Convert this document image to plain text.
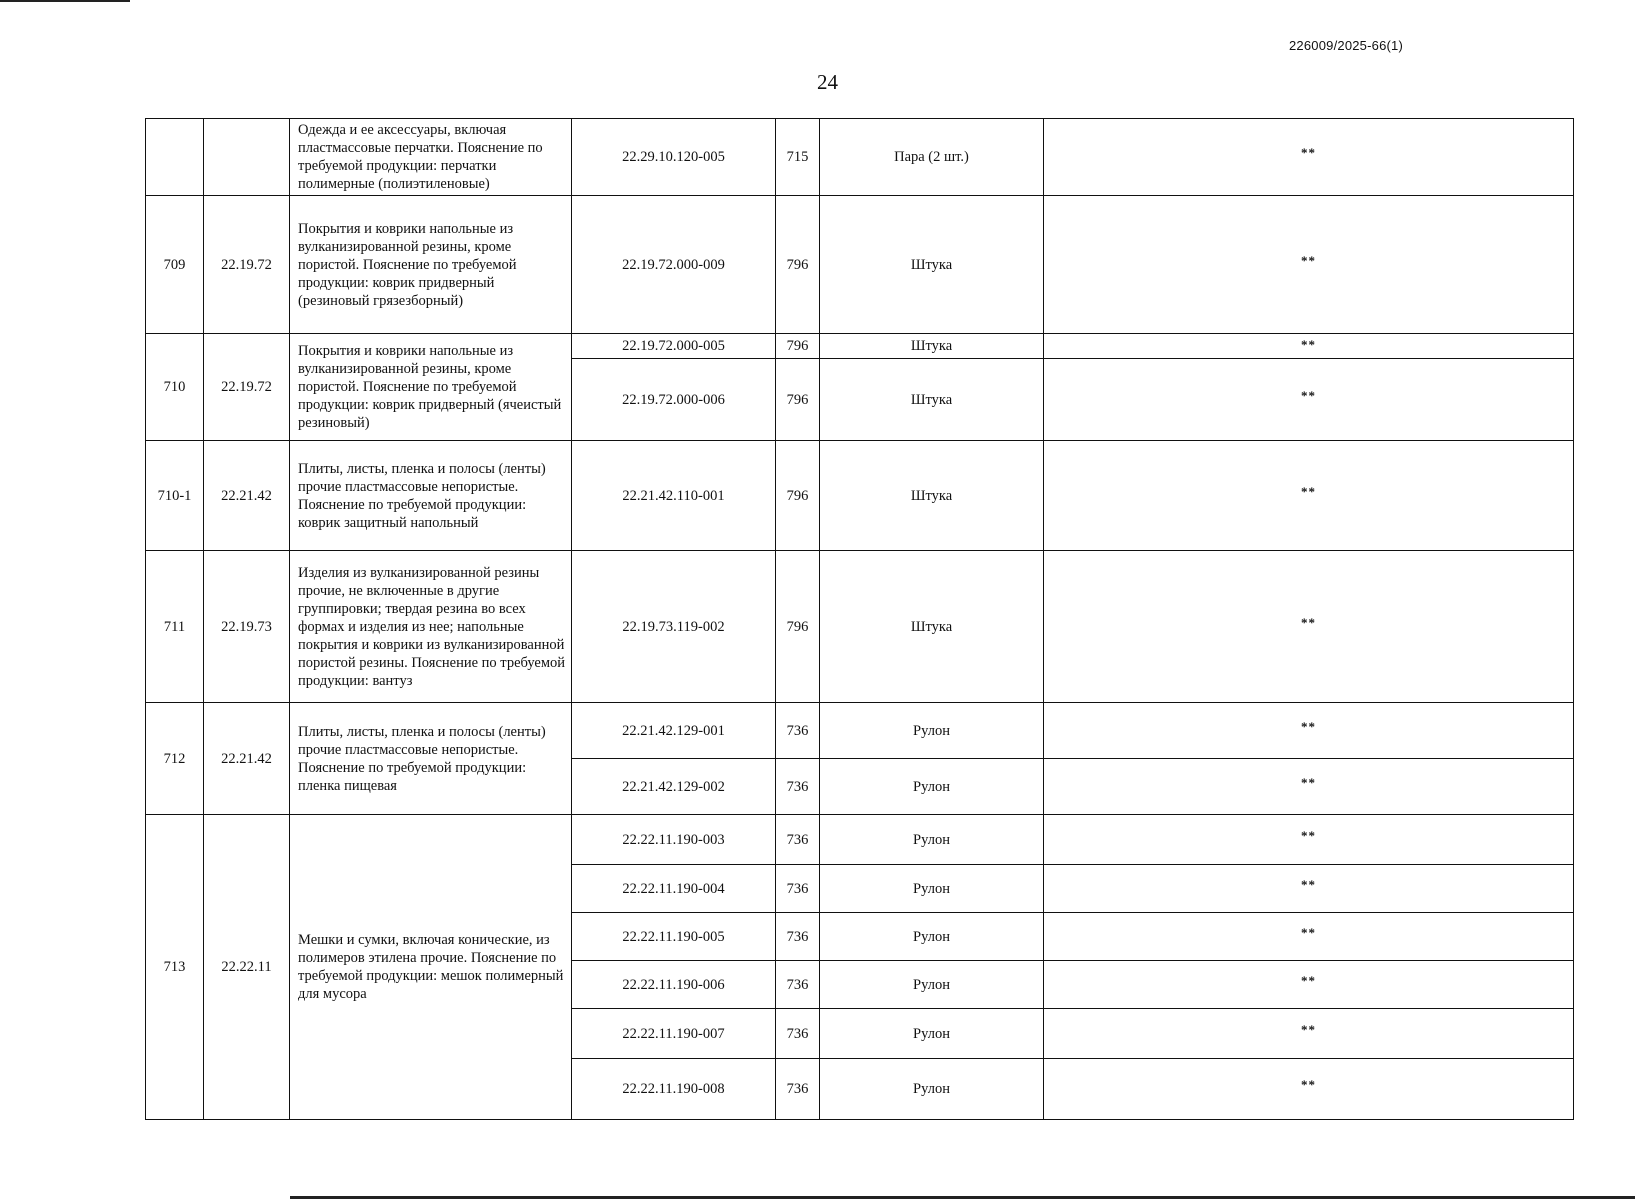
226009/2025-66(1)
24
		Одежда и ее аксессуары, включая пластмассовые перчатки. Пояснение по требуемой продукции: перчатки полимерные (полиэтиленовые)	22.29.10.120-005	715	Пара (2 шт.)	**
709	22.19.72	Покрытия и коврики напольные из вулканизированной резины, кроме пористой. Пояснение по требуемой продукции: коврик придверный (резиновый грязезборный)	22.19.72.000-009	796	Штука	**
710	22.19.72	Покрытия и коврики напольные из вулканизированной резины, кроме пористой. Пояснение по требуемой продукции: коврик придверный (ячеистый резиновый)	22.19.72.000-005	796	Штука	**
			22.19.72.000-006	796	Штука	**
710-1	22.21.42	Плиты, листы, пленка и полосы (ленты) прочие пластмассовые непористые. Пояснение по требуемой продукции: коврик защитный напольный	22.21.42.110-001	796	Штука	**
711	22.19.73	Изделия из вулканизированной резины прочие, не включенные в другие группировки; твердая резина во всех формах и изделия из нее; напольные покрытия и коврики из вулканизированной пористой резины. Пояснение по требуемой продукции: вантуз	22.19.73.119-002	796	Штука	**
712	22.21.42	Плиты, листы, пленка и полосы (ленты) прочие пластмассовые непористые. Пояснение по требуемой продукции: пленка пищевая	22.21.42.129-001	736	Рулон	**
			22.21.42.129-002	736	Рулон	**
713	22.22.11	Мешки и сумки, включая конические, из полимеров этилена прочие. Пояснение по требуемой продукции: мешок полимерный для мусора	22.22.11.190-003	736	Рулон	**
			22.22.11.190-004	736	Рулон	**
			22.22.11.190-005	736	Рулон	**
			22.22.11.190-006	736	Рулон	**
			22.22.11.190-007	736	Рулон	**
			22.22.11.190-008	736	Рулон	**
